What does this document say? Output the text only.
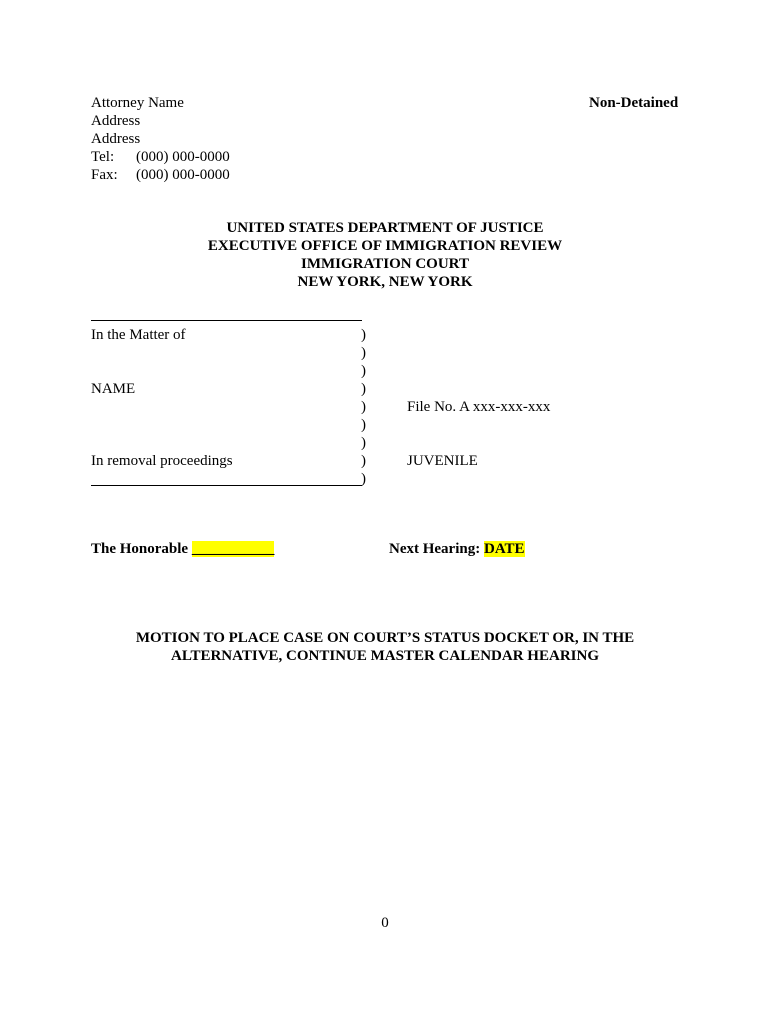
Attorney Name
Address
Address
Tel: (000) 000-0000
Fax: (000) 000-0000
Non-Detained
UNITED STATES DEPARTMENT OF JUSTICE
EXECUTIVE OFFICE OF IMMIGRATION REVIEW
IMMIGRATION COURT
NEW YORK, NEW YORK
In the Matter of
NAME
In removal proceedings
)
)
)
)
)
)
)
)
)
File No. A xxx-xxx-xxx
JUVENILE
The Honorable ___________	Next Hearing: DATE
MOTION TO PLACE CASE ON COURT’S STATUS DOCKET OR, IN THE
ALTERNATIVE, CONTINUE MASTER CALENDAR HEARING
0
